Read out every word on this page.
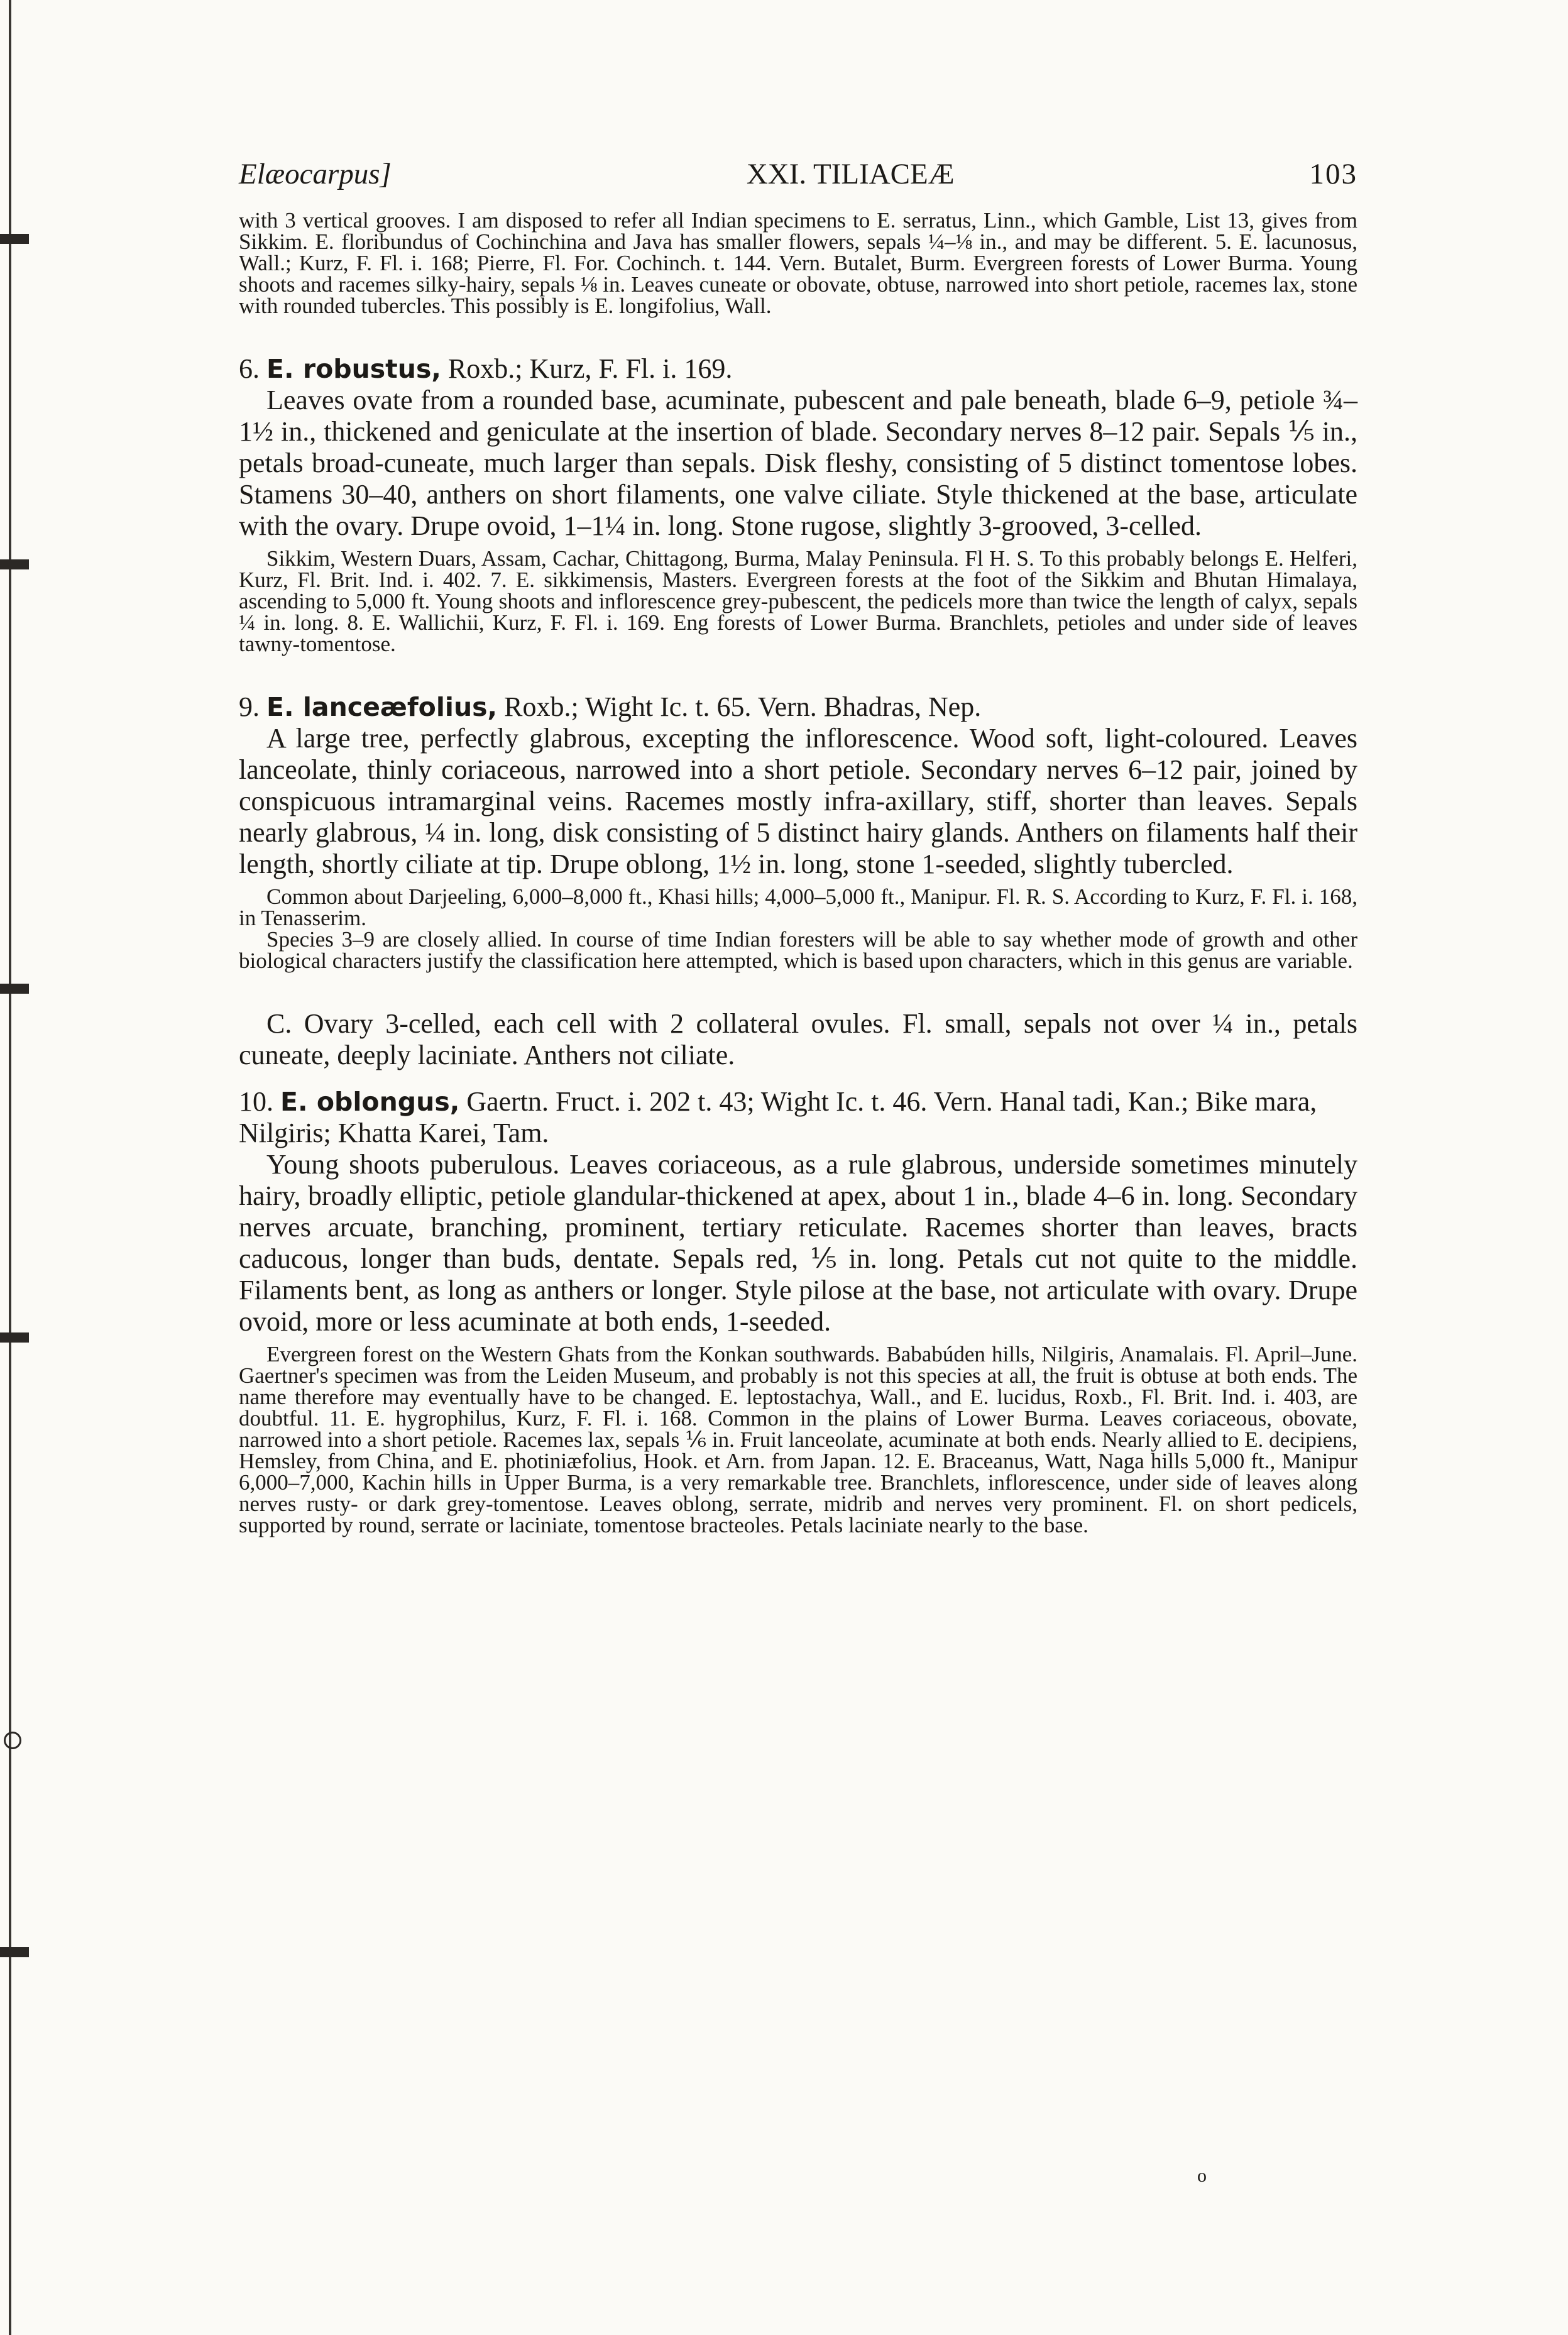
Elæocarpus]	XXI. TILIACEÆ	103

with 3 vertical grooves. I am disposed to refer all Indian specimens to E. serratus, Linn., which Gamble, List 13, gives from Sikkim. E. floribundus of Cochinchina and Java has smaller flowers, sepals ¼–⅛ in., and may be different. 5. E. lacunosus, Wall.; Kurz, F. Fl. i. 168; Pierre, Fl. For. Cochinch. t. 144. Vern. Butalet, Burm. Evergreen forests of Lower Burma. Young shoots and racemes silky-hairy, sepals ⅛ in. Leaves cuneate or obovate, obtuse, narrowed into short petiole, racemes lax, stone with rounded tubercles. This possibly is E. longifolius, Wall.

6. E. robustus, Roxb.; Kurz, F. Fl. i. 169.

Leaves ovate from a rounded base, acuminate, pubescent and pale beneath, blade 6–9, petiole ¾–1½ in., thickened and geniculate at the insertion of blade. Secondary nerves 8–12 pair. Sepals ⅕ in., petals broad-cuneate, much larger than sepals. Disk fleshy, consisting of 5 distinct tomentose lobes. Stamens 30–40, anthers on short filaments, one valve ciliate. Style thickened at the base, articulate with the ovary. Drupe ovoid, 1–1¼ in. long. Stone rugose, slightly 3-grooved, 3-celled.

Sikkim, Western Duars, Assam, Cachar, Chittagong, Burma, Malay Peninsula. Fl H. S. To this probably belongs E. Helferi, Kurz, Fl. Brit. Ind. i. 402. 7. E. sikkimensis, Masters. Evergreen forests at the foot of the Sikkim and Bhutan Himalaya, ascending to 5,000 ft. Young shoots and inflorescence grey-pubescent, the pedicels more than twice the length of calyx, sepals ¼ in. long. 8. E. Wallichii, Kurz, F. Fl. i. 169. Eng forests of Lower Burma. Branchlets, petioles and under side of leaves tawny-tomentose.

9. E. lanceæfolius, Roxb.; Wight Ic. t. 65. Vern. Bhadras, Nep.

A large tree, perfectly glabrous, excepting the inflorescence. Wood soft, light-coloured. Leaves lanceolate, thinly coriaceous, narrowed into a short petiole. Secondary nerves 6–12 pair, joined by conspicuous intramarginal veins. Racemes mostly infra-axillary, stiff, shorter than leaves. Sepals nearly glabrous, ¼ in. long, disk consisting of 5 distinct hairy glands. Anthers on filaments half their length, shortly ciliate at tip. Drupe oblong, 1½ in. long, stone 1-seeded, slightly tubercled.

Common about Darjeeling, 6,000–8,000 ft., Khasi hills; 4,000–5,000 ft., Manipur. Fl. R. S. According to Kurz, F. Fl. i. 168, in Tenasserim.

Species 3–9 are closely allied. In course of time Indian foresters will be able to say whether mode of growth and other biological characters justify the classification here attempted, which is based upon characters, which in this genus are variable.

C. Ovary 3-celled, each cell with 2 collateral ovules. Fl. small, sepals not over ¼ in., petals cuneate, deeply laciniate. Anthers not ciliate.

10. E. oblongus, Gaertn. Fruct. i. 202 t. 43; Wight Ic. t. 46. Vern. Hanal tadi, Kan.; Bike mara, Nilgiris; Khatta Karei, Tam.

Young shoots puberulous. Leaves coriaceous, as a rule glabrous, underside sometimes minutely hairy, broadly elliptic, petiole glandular-thickened at apex, about 1 in., blade 4–6 in. long. Secondary nerves arcuate, branching, prominent, tertiary reticulate. Racemes shorter than leaves, bracts caducous, longer than buds, dentate. Sepals red, ⅕ in. long. Petals cut not quite to the middle. Filaments bent, as long as anthers or longer. Style pilose at the base, not articulate with ovary. Drupe ovoid, more or less acuminate at both ends, 1-seeded.

Evergreen forest on the Western Ghats from the Konkan southwards. Bababúden hills, Nilgiris, Anamalais. Fl. April–June. Gaertner's specimen was from the Leiden Museum, and probably is not this species at all, the fruit is obtuse at both ends. The name therefore may eventually have to be changed. E. leptostachya, Wall., and E. lucidus, Roxb., Fl. Brit. Ind. i. 403, are doubtful. 11. E. hygrophilus, Kurz, F. Fl. i. 168. Common in the plains of Lower Burma. Leaves coriaceous, obovate, narrowed into a short petiole. Racemes lax, sepals ⅙ in. Fruit lanceolate, acuminate at both ends. Nearly allied to E. decipiens, Hemsley, from China, and E. photiniæfolius, Hook. et Arn. from Japan. 12. E. Braceanus, Watt, Naga hills 5,000 ft., Manipur 6,000–7,000, Kachin hills in Upper Burma, is a very remarkable tree. Branchlets, inflorescence, under side of leaves along nerves rusty- or dark grey-tomentose. Leaves oblong, serrate, midrib and nerves very prominent. Fl. on short pedicels, supported by round, serrate or laciniate, tomentose bracteoles. Petals laciniate nearly to the base.

o
